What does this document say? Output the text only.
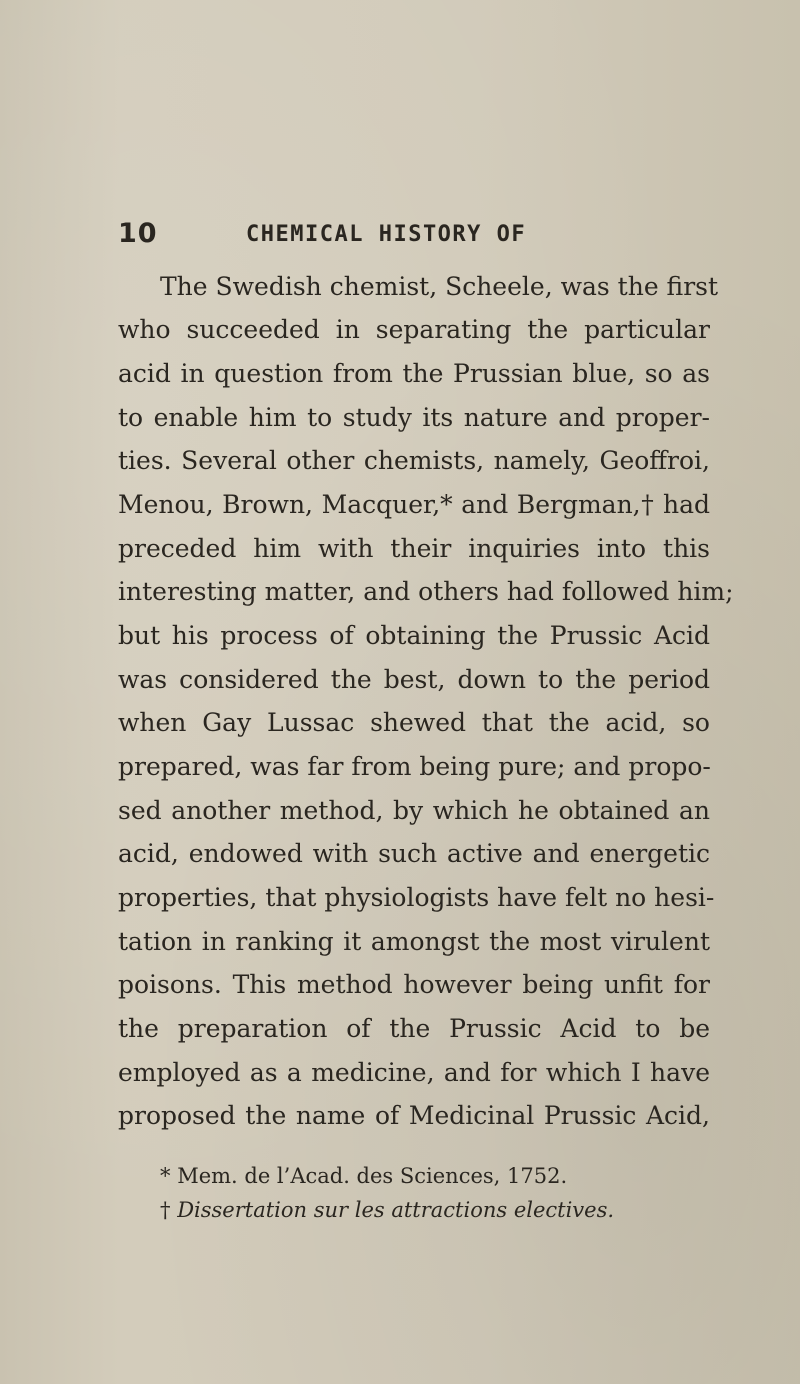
10	CHEMICAL HISTORY OF
The Swedish chemist, Scheele, was the first
who succeeded in separating the particular
acid in question from the Prussian blue, so as
to enable him to study its nature and proper-
ties. Several other chemists, namely, Geoffroi,
Menou, Brown, Macquer,* and Bergman,† had
preceded him with their inquiries into this
interesting matter, and others had followed him;
but his process of obtaining the Prussic Acid
was considered the best, down to the period
when Gay Lussac shewed that the acid, so
prepared, was far from being pure; and propo-
sed another method, by which he obtained an
acid, endowed with such active and energetic
properties, that physiologists have felt no hesi-
tation in ranking it amongst the most virulent
poisons. This method however being unfit for
the preparation of the Prussic Acid to be
employed as a medicine, and for which I have
proposed the name of Medicinal Prussic Acid,
* Mem. de l’Acad. des Sciences, 1752.
† Dissertation sur les attractions electives.
